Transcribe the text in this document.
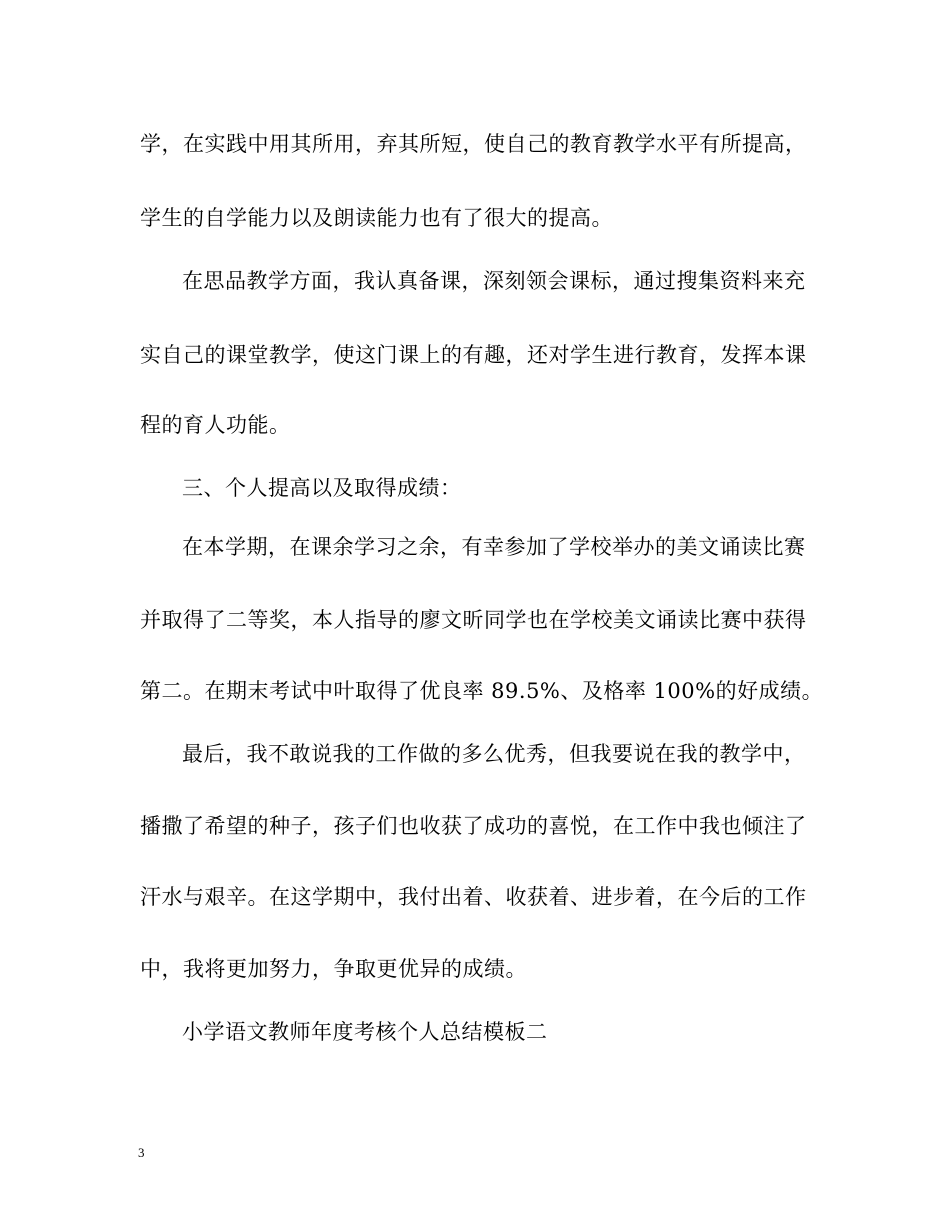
学，在实践中用其所用，弃其所短，使自己的教育教学水平有所提高，
学生的自学能力以及朗读能力也有了很大的提高。
在思品教学方面，我认真备课，深刻领会课标，通过搜集资料来充
实自己的课堂教学，使这门课上的有趣，还对学生进行教育，发挥本课
程的育人功能。
三、个人提高以及取得成绩：
在本学期，在课余学习之余，有幸参加了学校举办的美文诵读比赛
并取得了二等奖，本人指导的廖文昕同学也在学校美文诵读比赛中获得
第二。在期末考试中叶取得了优良率 89.5%、及格率 100%的好成绩。
最后，我不敢说我的工作做的多么优秀，但我要说在我的教学中，
播撒了希望的种子，孩子们也收获了成功的喜悦，在工作中我也倾注了
汗水与艰辛。在这学期中，我付出着、收获着、进步着，在今后的工作
中，我将更加努力，争取更优异的成绩。
小学语文教师年度考核个人总结模板二
3
